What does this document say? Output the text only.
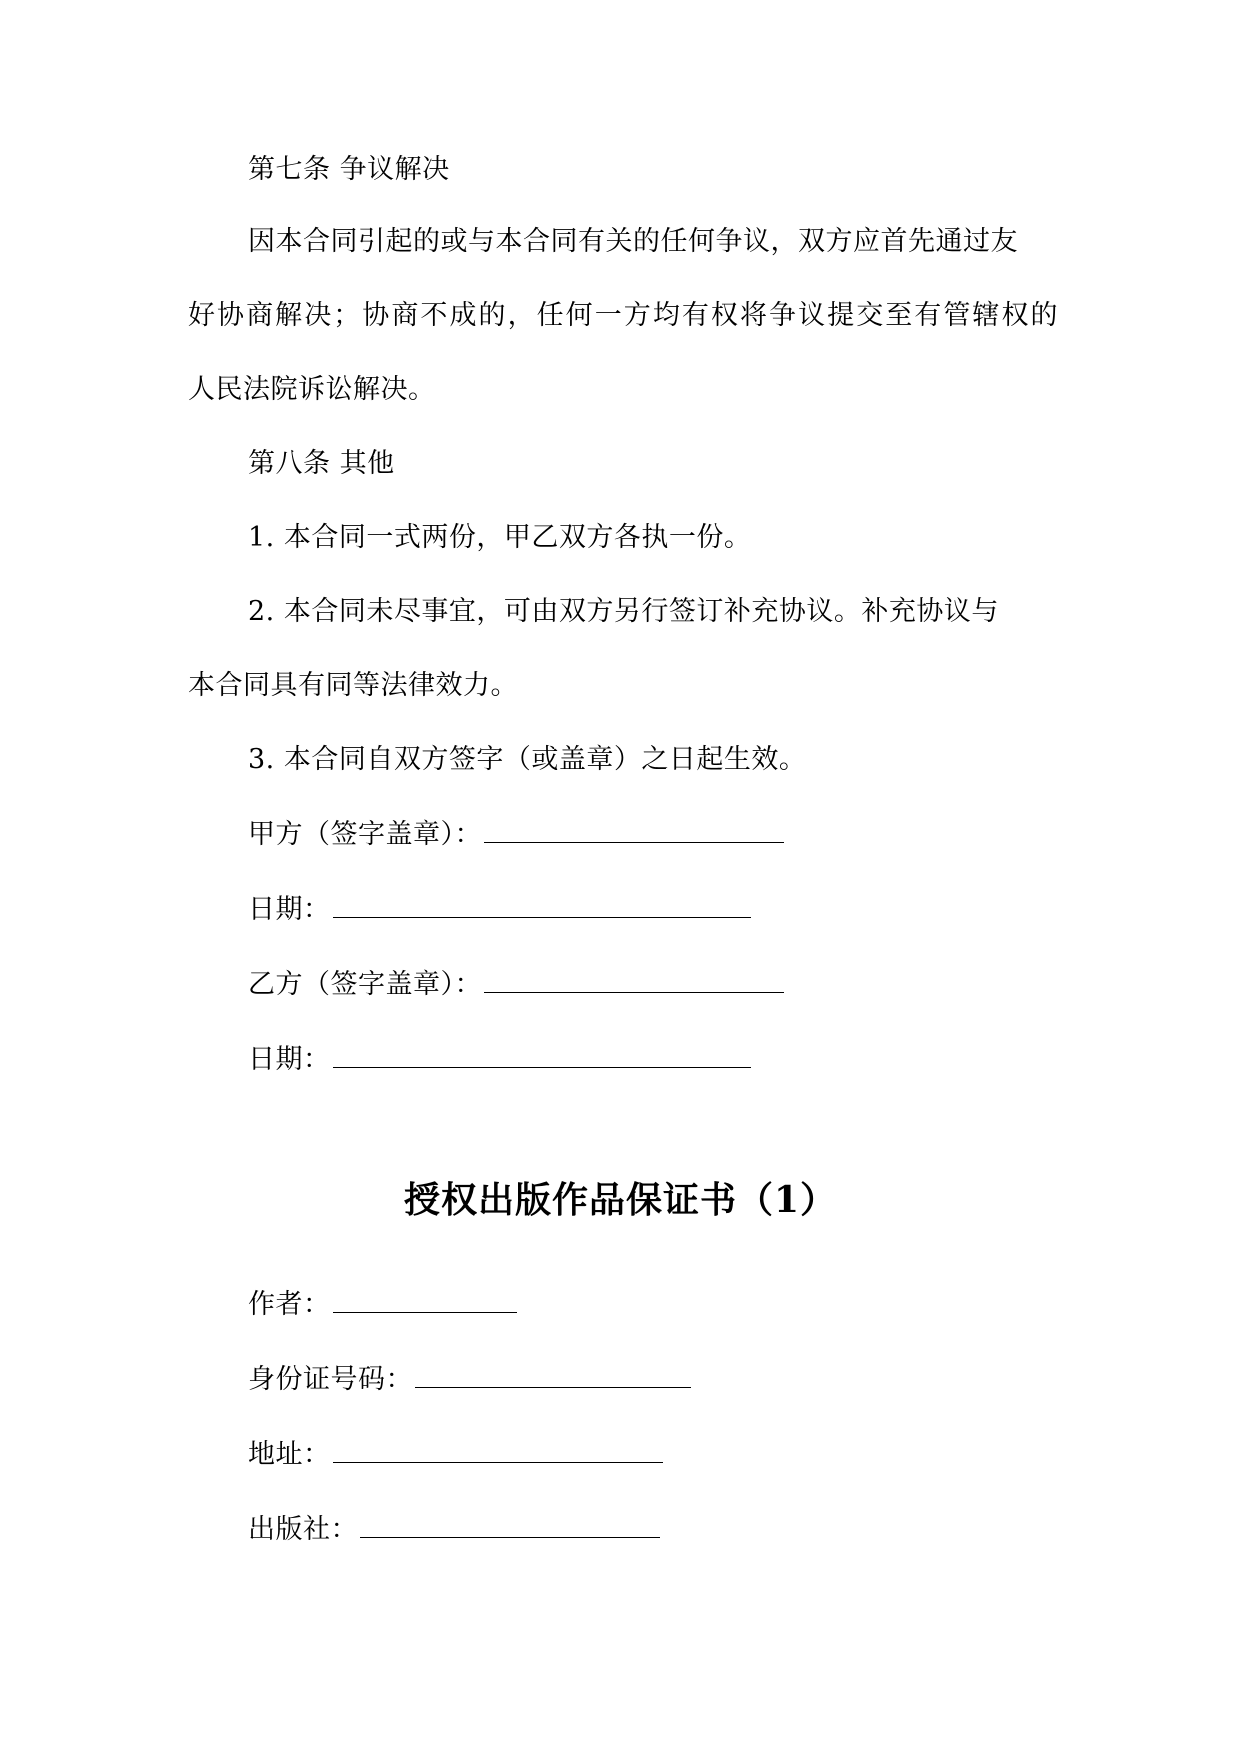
第七条 争议解决
因本合同引起的或与本合同有关的任何争议，双方应首先通过友
好协商解决；协商不成的，任何一方均有权将争议提交至有管辖权的
人民法院诉讼解决。
第八条 其他
1. 本合同一式两份，甲乙双方各执一份。
2. 本合同未尽事宜，可由双方另行签订补充协议。补充协议与
本合同具有同等法律效力。
3. 本合同自双方签字（或盖章）之日起生效。
甲方（签字盖章）：
日期：
乙方（签字盖章）：
日期：
授权出版作品保证书（1）
作者：
身份证号码：
地址：
出版社：
